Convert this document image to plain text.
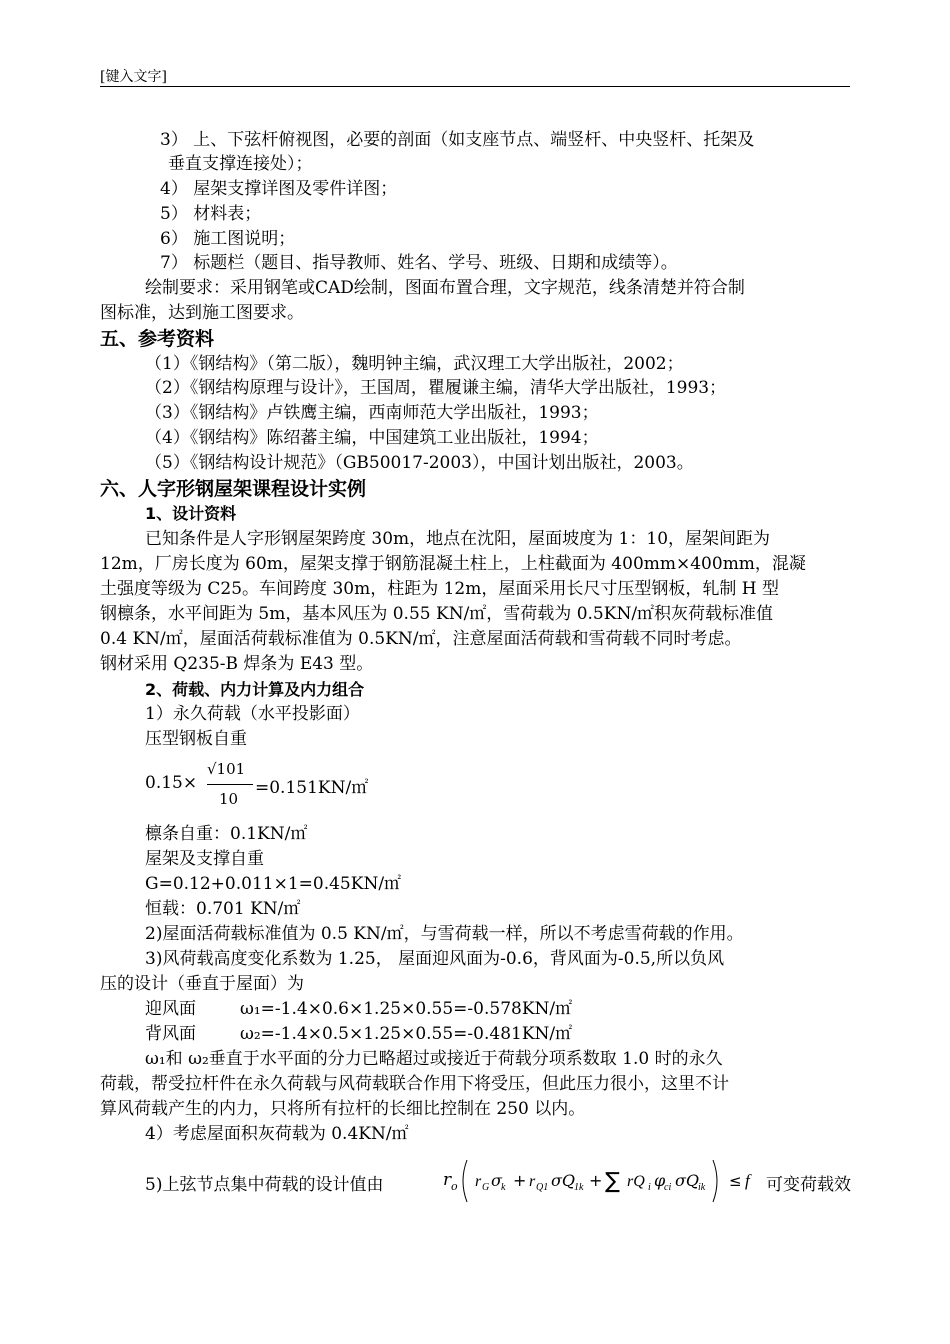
[键入文字]
3） 上、下弦杆俯视图，必要的剖面（如支座节点、端竖杆、中央竖杆、托架及
垂直支撑连接处）；
4） 屋架支撑详图及零件详图；
5） 材料表；
6） 施工图说明；
7） 标题栏（题目、指导教师、姓名、学号、班级、日期和成绩等）。
绘制要求：采用钢笔或CAD绘制，图面布置合理，文字规范，线条清楚并符合制
图标准，达到施工图要求。
五、参考资料
（1）《钢结构》（第二版），魏明钟主编，武汉理工大学出版社，2002；
（2）《钢结构原理与设计》，王国周，瞿履谦主编，清华大学出版社，1993；
（3）《钢结构》卢铁鹰主编，西南师范大学出版社，1993；
（4）《钢结构》陈绍蕃主编，中国建筑工业出版社，1994；
（5）《钢结构设计规范》（GB50017-2003），中国计划出版社，2003。
六、人字形钢屋架课程设计实例
1、设计资料
已知条件是人字形钢屋架跨度 30m，地点在沈阳，屋面坡度为 1：10，屋架间距为
12m，厂房长度为 60m，屋架支撑于钢筋混凝土柱上，上柱截面为 400mm×400mm，混凝
土强度等级为 C25。车间跨度 30m，柱距为 12m，屋面采用长尺寸压型钢板，轧制 H 型
钢檩条，水平间距为 5m，基本风压为 0.55 KN/㎡，雪荷载为 0.5KN/㎡积灰荷载标准值
0.4 KN/㎡，屋面活荷载标准值为 0.5KN/㎡，注意屋面活荷载和雪荷载不同时考虑。
钢材采用 Q235-B 焊条为 E43 型。
2、荷载、内力计算及内力组合
1）永久荷载（水平投影面）
压型钢板自重
0.15×
√101
10
=0.151KN/㎡
檩条自重：0.1KN/㎡
屋架及支撑自重
G=0.12+0.011×1=0.45KN/㎡
恒载：0.701 KN/㎡
2)屋面活荷载标准值为 0.5 KN/㎡，与雪荷载一样，所以不考虑雪荷载的作用。
3)风荷载高度变化系数为 1.25， 屋面迎风面为-0.6，背风面为-0.5,所以负风
压的设计（垂直于屋面）为
迎风面	ω₁=-1.4×0.6×1.25×0.55=-0.578KN/㎡
背风面	ω₂=-1.4×0.5×1.25×0.55=-0.481KN/㎡
ω₁和 ω₂垂直于水平面的分力已略超过或接近于荷载分项系数取 1.0 时的永久
荷载，帮受拉杆件在永久荷载与风荷载联合作用下将受压，但此压力很小，这里不计
算风荷载产生的内力，只将所有拉杆的长细比控制在 250 以内。
4）考虑屋面积灰荷载为 0.4KN/㎡
5)上弦节点集中荷载的设计值由	r o r G σ k + r Q1 σQ
1k + ∑ rQ i φ
ci σQ
ik ≤ f 可变荷载效
